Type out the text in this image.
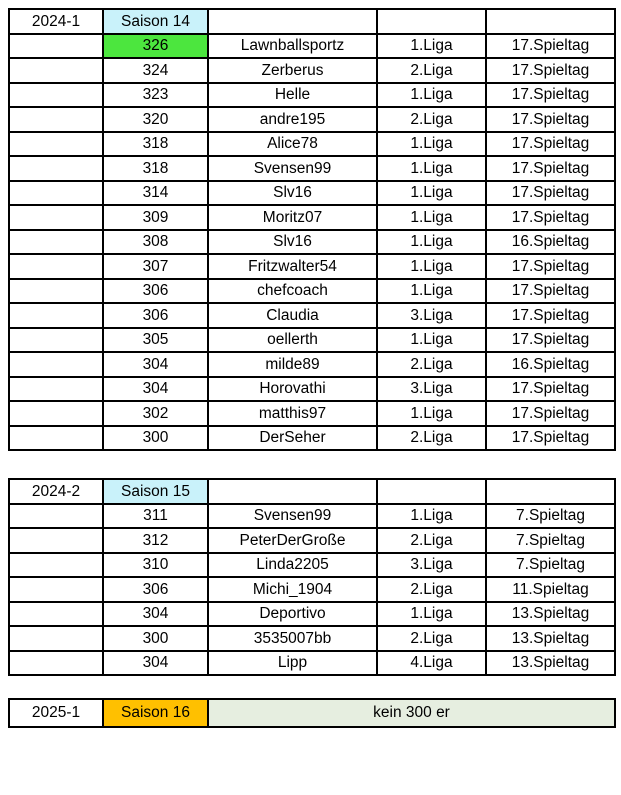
2024-1	Saison 14			
	326	Lawnballsportz	1.Liga	17.Spieltag
	324	Zerberus	2.Liga	17.Spieltag
	323	Helle	1.Liga	17.Spieltag
	320	andre195	2.Liga	17.Spieltag
	318	Alice78	1.Liga	17.Spieltag
	318	Svensen99	1.Liga	17.Spieltag
	314	Slv16	1.Liga	17.Spieltag
	309	Moritz07	1.Liga	17.Spieltag
	308	Slv16	1.Liga	16.Spieltag
	307	Fritzwalter54	1.Liga	17.Spieltag
	306	chefcoach	1.Liga	17.Spieltag
	306	Claudia	3.Liga	17.Spieltag
	305	oellerth	1.Liga	17.Spieltag
	304	milde89	2.Liga	16.Spieltag
	304	Horovathi	3.Liga	17.Spieltag
	302	matthis97	1.Liga	17.Spieltag
	300	DerSeher	2.Liga	17.Spieltag
2024-2	Saison 15			
	311	Svensen99	1.Liga	7.Spieltag
	312	PeterDerGroße	2.Liga	7.Spieltag
	310	Linda2205	3.Liga	7.Spieltag
	306	Michi_1904	2.Liga	11.Spieltag
	304	Deportivo	1.Liga	13.Spieltag
	300	3535007bb	2.Liga	13.Spieltag
	304	Lipp	4.Liga	13.Spieltag
2025-1	Saison 16	kein 300 er
